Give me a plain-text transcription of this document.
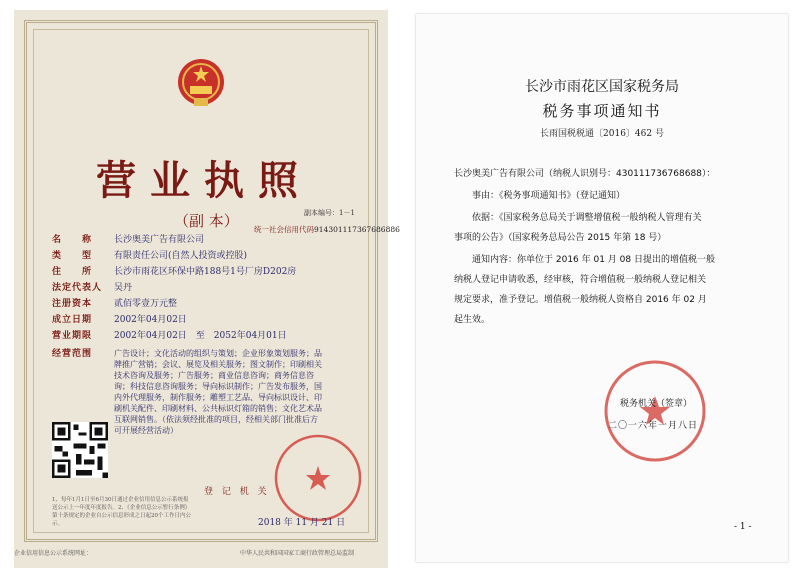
营业执照
（副 本）	副本编号：1－1
统一社会信用代码9143011173676868​86
名　　称 长沙奥美广告有限公司
类　　型 有限责任公司(自然人投资或控股)
住　　所 长沙市雨花区环保中路188号1号厂房D202房
法定代表人 吴丹
注册资本 贰佰零壹万元整
成立日期 2002年04月02日
营业期限 2002年04月02日　至　2052年04月01日
经营范围	广告设计；文化活动的组织与策划；企业形象策划服务；品牌推广营销；会议、展览及相关服务；图文制作；印刷相关技术咨询及服务；广告服务；商业信息咨询；商务信息咨询；科技信息咨询服务；导向标识制作；广告发布服务，国内外代理服务，制作服务；雕塑工艺品、导向标识设计、印刷机关配件、印刷材料、公共标识灯箱的销售；文化艺术品互联网销售。（依法须经批准的项目，经相关部门批准后方可开展经营活动）
登 记 机 关
2018 年 11 月 21 日
1、每年1月1日至6月30日通过企业信用信息公示系统报送公示上一年度年度报告。2、《企业信息公示暂行条例》第十条规定的企业自公示信息形成之日起20个工作日内公示。
企业信用信息公示系统网址：	中华人民共和国国家工商行政管理总局监制
长沙市雨花区国家税务局
税务事项通知书
长雨国税税通〔2016〕462 号
长沙奥美广告有限公司（纳税人识别号：430111736768688）：
　　事由：《税务事项通知书》（登记通知）
　　依据：《国家税务总局关于调整增值税一般纳税人管理有关
事项的公告》（国家税务总局公告 2015 年第 18 号）
　　通知内容：你单位于 2016 年 01 月 08 日提出的增值税一般
纳税人登记申请收悉，经审核，符合增值税一般纳税人登记相关
规定要求，准予登记。增值税一般纳税人资格自 2016 年 02 月
起生效。
税务机关（签章）
二〇一六年一月八日
- 1 -
